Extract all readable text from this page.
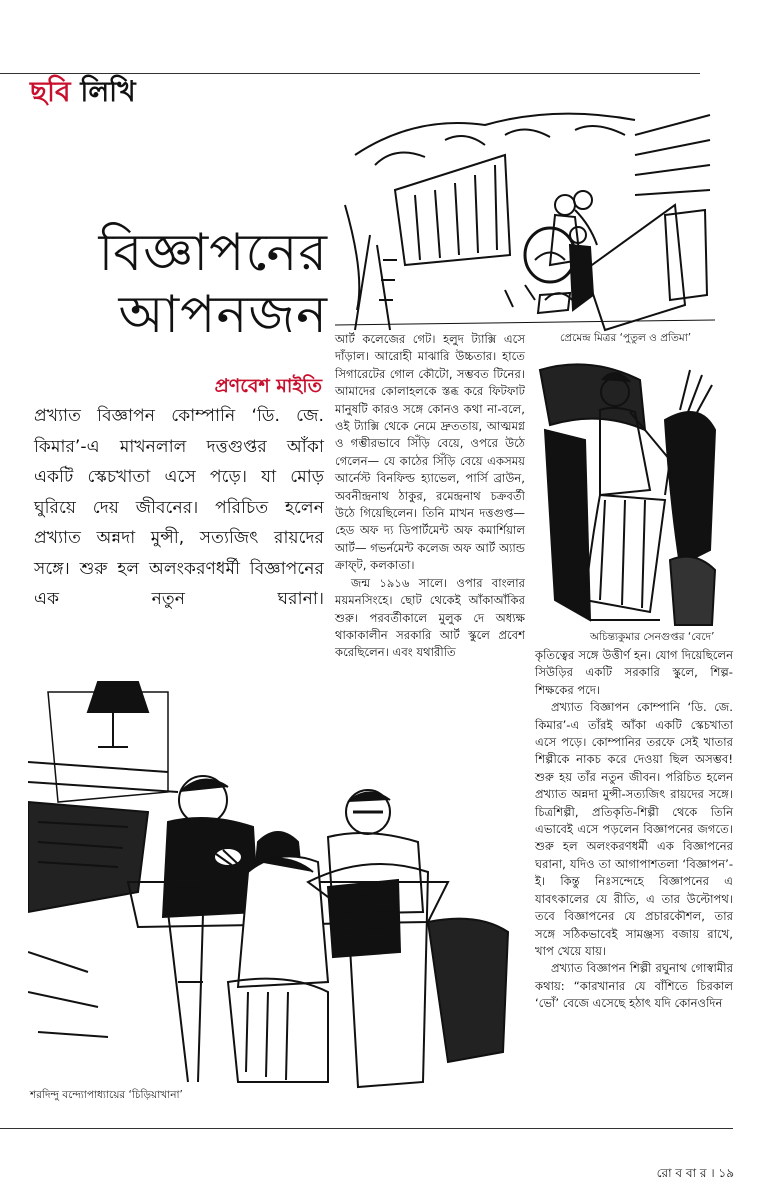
ছবি লিখি
বিজ্ঞাপনের
আপনজন
প্রণবেশ মাইতি
প্রখ্যাত বিজ্ঞাপন কোম্পানি ‘ডি. জে. কিমার’-এ মাখনলাল দত্তগুপ্তর আঁকা একটি স্কেচখাতা এসে পড়ে। যা মোড় ঘুরিয়ে দেয় জীবনের। পরিচিত হলেন প্রখ্যাত অন্নদা মুন্সী, সত্যজিৎ রায়দের সঙ্গে। শুরু হল অলংকরণধর্মী বিজ্ঞাপনের এক নতুন ঘরানা।

আর্ট কলেজের গেট। হলুদ ট্যাক্সি এসে দাঁড়াল। আরোহী মাঝারি উচ্চতার। হাতে সিগারেটের গোল কৌটো, সম্ভবত টিনের। আমাদের কোলাহলকে স্তব্ধ করে ফিটফাট মানুষটি কারও সঙ্গে কোনও কথা না-বলে, ওই ট্যাক্সি থেকে নেমে দ্রুততায়, আত্মমগ্ন ও গম্ভীরভাবে সিঁড়ি বেয়ে, ওপরে উঠে গেলেন— যে কাঠের সিঁড়ি বেয়ে একসময় আর্নেস্ট বিনফিল্ড হ্যাভেল, পার্সি ব্রাউন, অবনীন্দ্রনাথ ঠাকুর, রমেন্দ্রনাথ চক্রবর্তী উঠে গিয়েছিলেন। তিনি মাখন দত্তগুপ্ত— হেড অফ দ্য ডিপার্টমেন্ট অফ কমার্শিয়াল আর্ট— গভর্নমেন্ট কলেজ অফ আর্ট অ্যান্ড ক্রাফ্‌ট, কলকাতা।

জন্ম ১৯১৬ সালে। ওপার বাংলার ময়মনসিংহে। ছোট থেকেই আঁকাআঁকির শুরু। পরবর্তীকালে মুলুক দে অধ্যক্ষ থাকাকালীন সরকারি আর্ট স্কুলে প্রবেশ করেছিলেন। এবং যথারীতি

প্রেমেন্দ্র মিত্রর ‘পুতুল ও প্রতিমা’
অচিন্ত্যকুমার সেনগুপ্তর ‘বেদে’

কৃতিত্বের সঙ্গে উত্তীর্ণ হন। যোগ দিয়েছিলেন সিউড়ির একটি সরকারি স্কুলে, শিল্প-শিক্ষকের পদে।

প্রখ্যাত বিজ্ঞাপন কোম্পানি ‘ডি. জে. কিমার’-এ তাঁরই আঁকা একটি স্কেচখাতা এসে পড়ে। কোম্পানির তরফে সেই খাতার শিল্পীকে নাকচ করে দেওয়া ছিল অসম্ভব! শুরু হয় তাঁর নতুন জীবন। পরিচিত হলেন প্রখ্যাত অন্নদা মুন্সী-সত্যজিৎ রায়দের সঙ্গে। চিত্রশিল্পী, প্রতিকৃতি-শিল্পী থেকে তিনি এভাবেই এসে পড়লেন বিজ্ঞাপনের জগতে। শুরু হল অলংকরণধর্মী এক বিজ্ঞাপনের ঘরানা, যদিও তা আগাপাশতলা ‘বিজ্ঞাপন’-ই। কিন্তু নিঃসন্দেহে বিজ্ঞাপনের এ যাবৎকালের যে রীতি, এ তার উল্টোপথ। তবে বিজ্ঞাপনের যে প্রচারকৌশল, তার সঙ্গে সঠিকভাবেই সামঞ্জস্য বজায় রাখে, খাপ খেয়ে যায়।

প্রখ্যাত বিজ্ঞাপন শিল্পী রঘুনাথ গোস্বামীর কথায়: “কারখানার যে বাঁশিতে চিরকাল ‘ভোঁ’ বেজে এসেছে হঠাৎ যদি কোনওদিন

শরদিন্দু বন্দ্যোপাধ্যায়ের ‘চিড়িয়াখানা’
রো ব বা র । ১৯
